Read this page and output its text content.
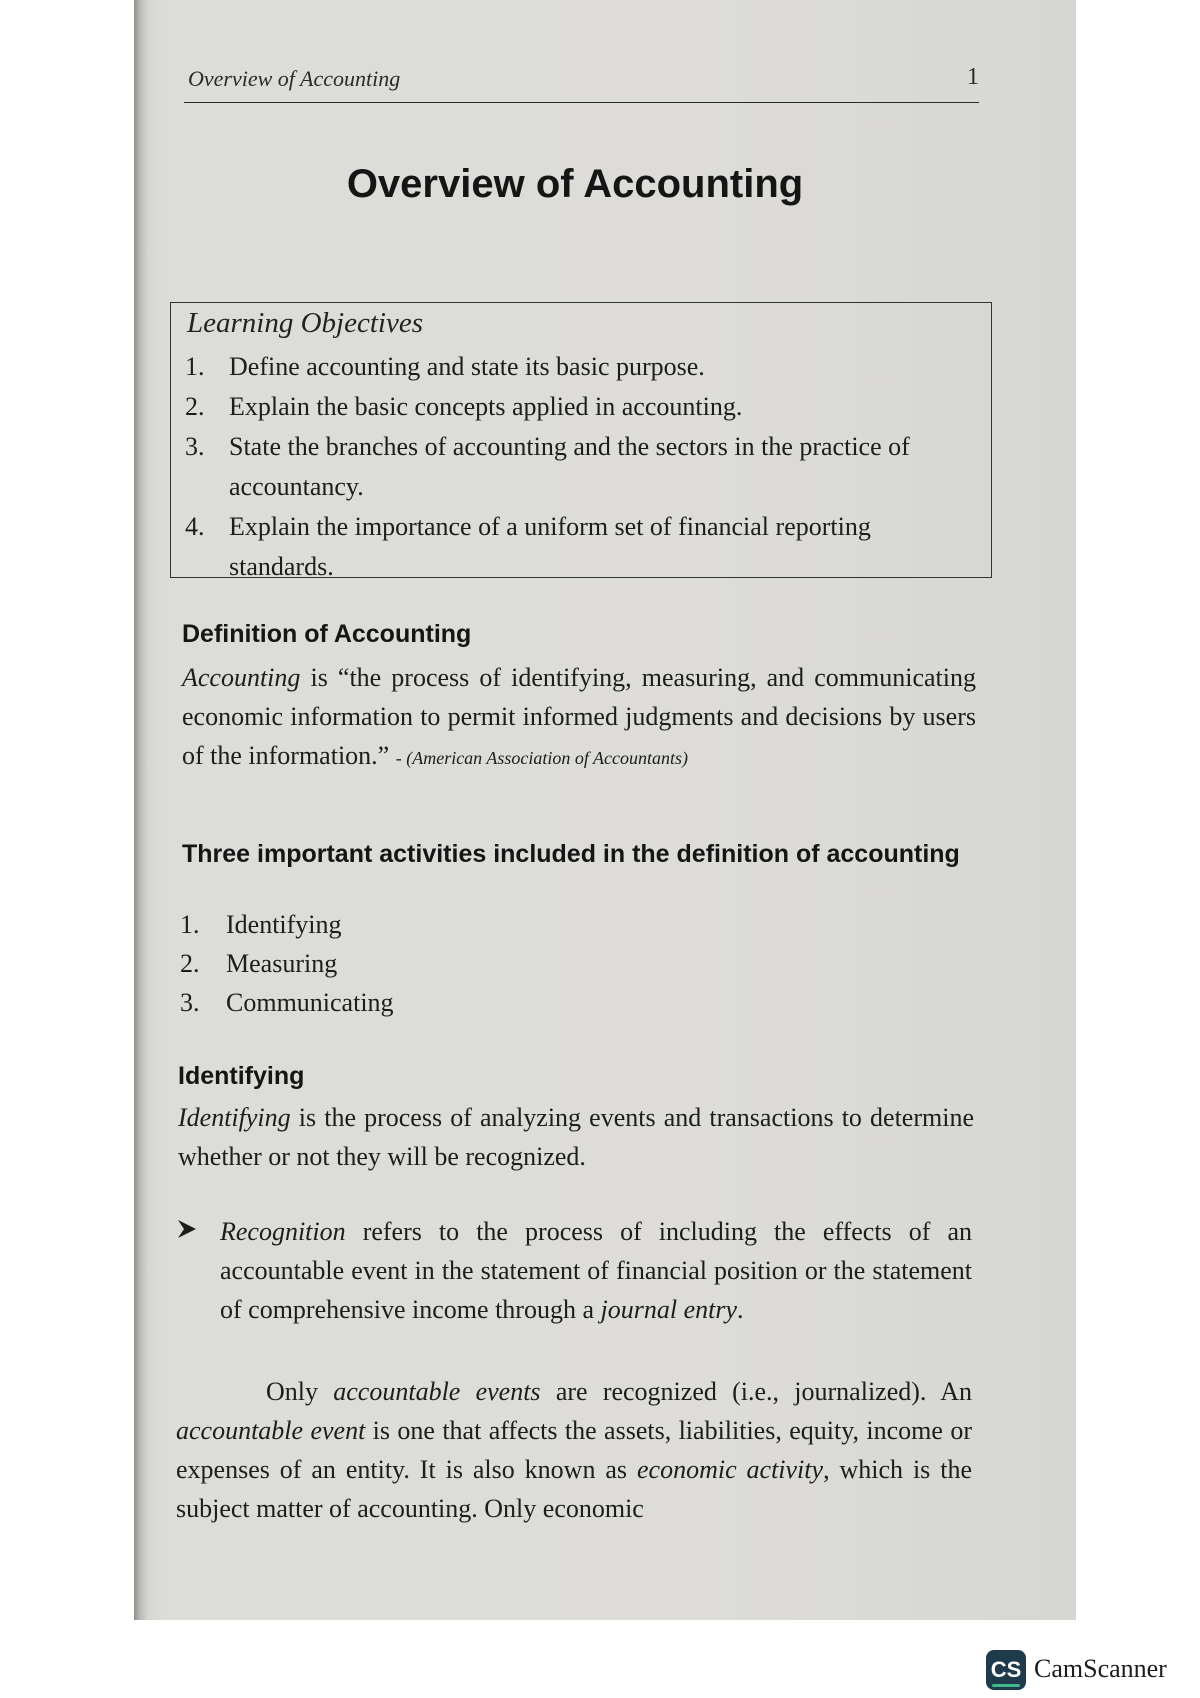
Overview of Accounting	1
Overview of Accounting
Learning Objectives
1. Define accounting and state its basic purpose.
2. Explain the basic concepts applied in accounting.
3. State the branches of accounting and the sectors in the practice of accountancy.
4. Explain the importance of a uniform set of financial reporting standards.
Definition of Accounting

Accounting is “the process of identifying, measuring, and communicating economic information to permit informed judgments and decisions by users of the information.” - (American Association of Accountants)

Three important activities included in the definition of accounting
1. Identifying
2. Measuring
3. Communicating
Identifying

Identifying is the process of analyzing events and transactions to determine whether or not they will be recognized.

Recognition refers to the process of including the effects of an accountable event in the statement of financial position or the statement of comprehensive income through a journal entry.

Only accountable events are recognized (i.e., journalized). An accountable event is one that affects the assets, liabilities, equity, income or expenses of an entity. It is also known as economic activity, which is the subject matter of accounting. Only economic

CS CamScanner
